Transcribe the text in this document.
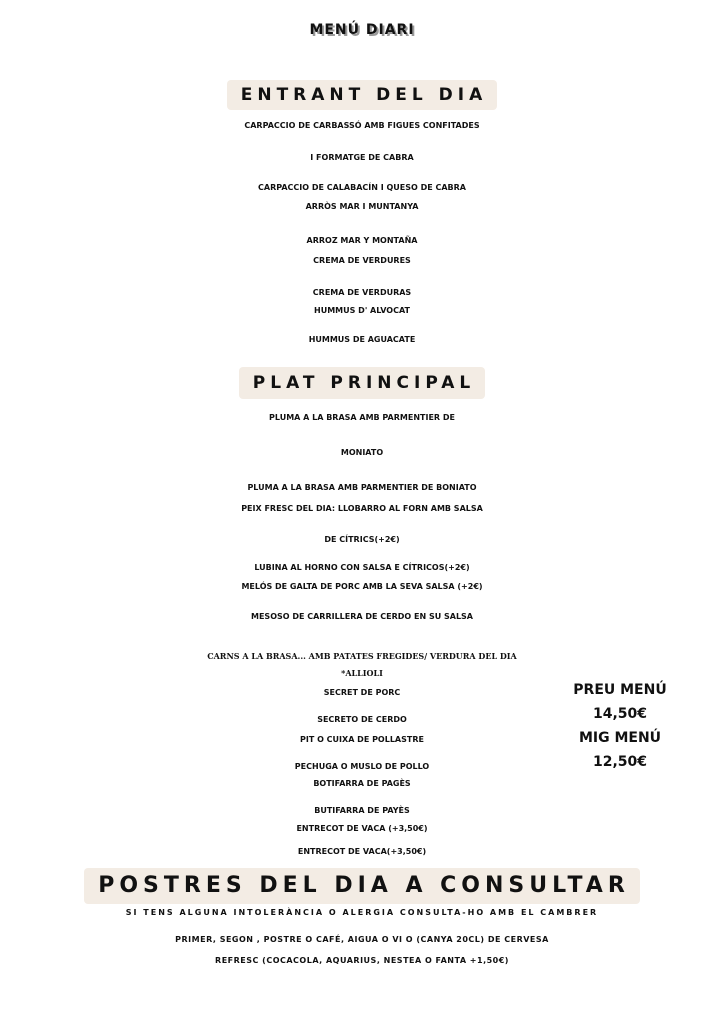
MENÚ DIARI
ENTRANT DEL DIA
CARPACCIO DE CARBASSÓ AMB FIGUES CONFITADES
I FORMATGE DE CABRA
CARPACCIO DE CALABACÍN I QUESO DE CABRA
ARRÒS MAR I MUNTANYA
ARROZ MAR Y MONTAÑA
CREMA DE VERDURES
CREMA DE VERDURAS
HUMMUS D' ALVOCAT
HUMMUS DE AGUACATE
PLAT PRINCIPAL
PLUMA A LA BRASA AMB PARMENTIER DE
MONIATO
PLUMA A LA BRASA AMB PARMENTIER DE BONIATO
PEIX FRESC DEL DIA: LLOBARRO AL FORN AMB SALSA
DE CÍTRICS(+2€)
LUBINA AL HORNO CON SALSA E CÍTRICOS(+2€)
MELÓS DE GALTA DE PORC AMB LA SEVA SALSA (+2€)
MESOSO DE CARRILLERA DE CERDO EN SU SALSA
CARNS A LA BRASA... AMB PATATES FREGIDES/ VERDURA DEL DIA
*ALLIOLI
SECRET DE PORC
SECRETO DE CERDO
PIT O CUIXA DE POLLASTRE
PECHUGA O MUSLO DE POLLO
BOTIFARRA DE PAGÈS
BUTIFARRA DE PAYÈS
ENTRECOT DE VACA (+3,50€)
ENTRECOT DE VACA(+3,50€)
PREU MENÚ
14,50€
MIG MENÚ
12,50€
POSTRES DEL DIA A CONSULTAR
SI TENS ALGUNA INTOLERÀNCIA O ALERGIA CONSULTA-HO AMB EL CAMBRER
PRIMER, SEGON , POSTRE O CAFÉ, AIGUA O VI O (CANYA 20CL) DE CERVESA
REFRESC (COCACOLA, AQUARIUS, NESTEA O FANTA +1,50€)
